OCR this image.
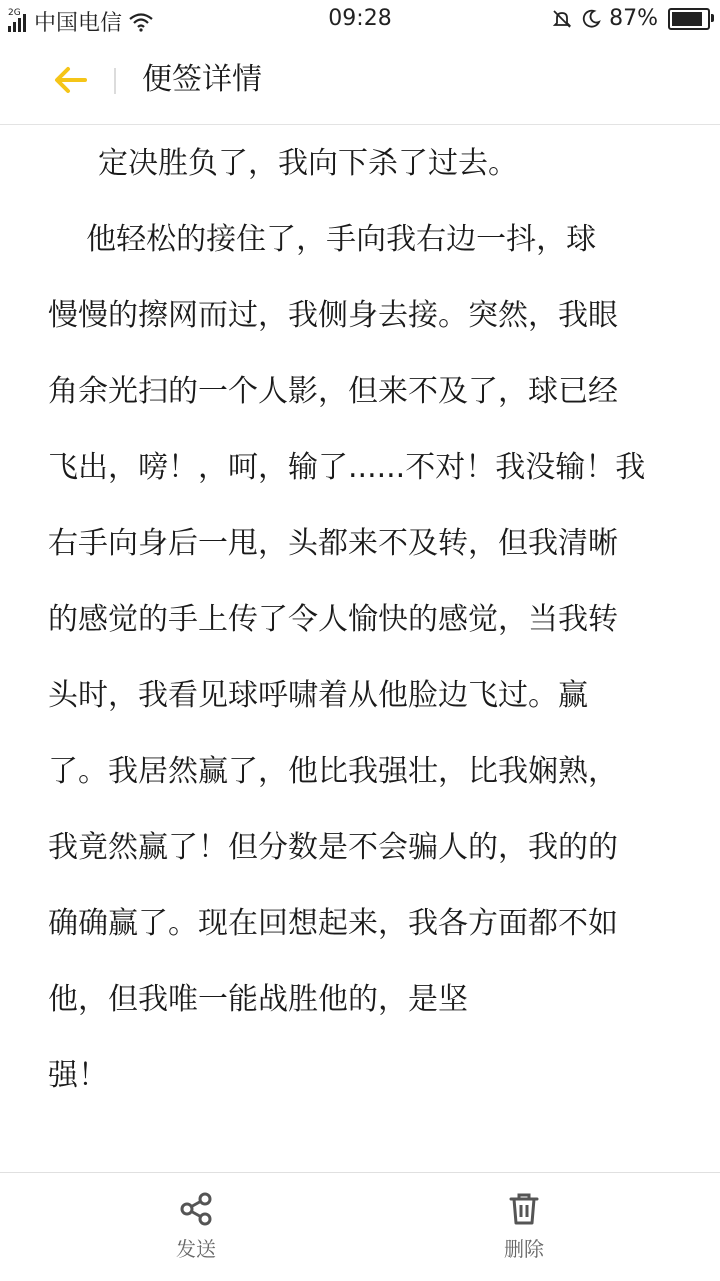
2G 中国电信	09:28	87%
便签详情
定决胜负了，我向下杀了过去。
他轻松的接住了，手向我右边一抖，球
慢慢的擦网而过，我侧身去接。突然，我眼
角余光扫的一个人影，但来不及了，球已经
飞出，嗙！，呵，输了......不对！我没输！我
右手向身后一甩，头都来不及转，但我清晰
的感觉的手上传了令人愉快的感觉，当我转
头时，我看见球呼啸着从他脸边飞过。赢
了。我居然赢了，他比我强壮，比我娴熟，
我竟然赢了！但分数是不会骗人的，我的的
确确赢了。现在回想起来，我各方面都不如
他，但我唯一能战胜他的，是坚
强！
发送	删除
